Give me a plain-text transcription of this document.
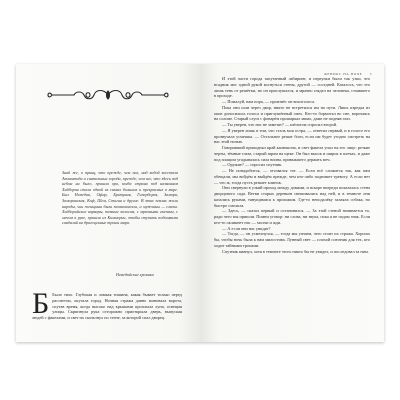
Знай же, о принц, что прежде, чем пал, над водой восстала Атлантида и сиятельные города, прежде, чем все, что здесь под небом ни было, пришла эра, когда страна под названием Хайбория стала одной из самых больших и прекрасных в мире. Был Немедия, Офир, Бритуния, Гиперборея, Замора, Заморанская, Коф, Шем, Стигия и другие. В этих землях жили народы, чьи женщины были темноволосы, а мужчины — смелы. Хайборийские варвары, темные волосом, с мрачными глазами, с мечом в руке, пришли из Киммерии, чтобы ступить подошвами сандалий на драгоценные троны мира.
Немедийские хроники
Б Было тихо. Глубокая и ломкая тишина, какая бывает только перед рассветом, окутала город. Ночная стража давно миновала ворота, спутав время, когда высоко над крышами проплыла луна, освещая улицы. Скрипнула рука осторожно приоткрыла дверь, выпуская людей с факелами, и свет их скользнул по стене, за которой спал дворец.
ФЕНИКС НА НОЧЕ 5

И этой части города запутанный лабиринт, и переулки были так узки, что всадник мог одной рукой коснуться стены, другой — соседней. Казалось, что это лишь тень от решётки, но он прислушался, и мрачно глядел на человека, стоявшего в проходе.

— Пожалуй, нам пора, — произнёс он вполголоса.

Пока они шли через двор, никто не встретился им на пути. Лишь изредка из окон доносились голоса и приглушённый смех. Кто-то бормотал во сне, ворочаясь на соломе. Старый слуга с фонарём прошаркал мимо, даже не подняв глаз.

— Ты уверен, что нас не заметят? — шёпотом спросил второй.

— Я уверен лишь в том, что сталь моя остра, — ответил первый, и в голосе его прозвучала усмешка. — Остальное решат боги, если им будет угодно смотреть на нас этой ночью.

Говоривший приподнял край капюшона, и свет факела упал на его лицо: резкие черты, тёмные глаза, старый шрам на щеке. Он был высок и широк в плечах, и даже под плащом угадывалась сила воина, привыкшего держать меч.

— Оружие? — спросил спутник.

— Не понадобится, — отозвался тот. — Если всё сложится так, как нам обещали, мы войдём и выйдём прежде, чем кто-либо поднимет тревогу. А если нет — что ж, тогда пусть решает клинок.

Они свернули в узкий проход между домами, и вскоре впереди показалась стена дворцового сада. Ветви старых деревьев свешивались над ней, и в темноте они казались руками, тянущимися к прохожим. Где-то неподалёку залаяла собака, но быстро смолкла.

— Здесь, — сказал первый и остановился. — За этой стеной начинается то, ради чего мы пришли. Помни уговор: ни слова, ни звука, пока я не подам знак. Если кто-то окликнет нас — молчи и жди.

— А если они нас увидят?

— Тогда, — он усмехнулся, — тогда мы узнаем, чего стоит их стража. Хорошо бы, чтобы ночь была к нам милостива. Лунный свет — плохой союзник для тех, кто ходит тайными тропами.

Спутник кивнул, хотя в темноте этого никто бы не увидел, и последовал за ним.
